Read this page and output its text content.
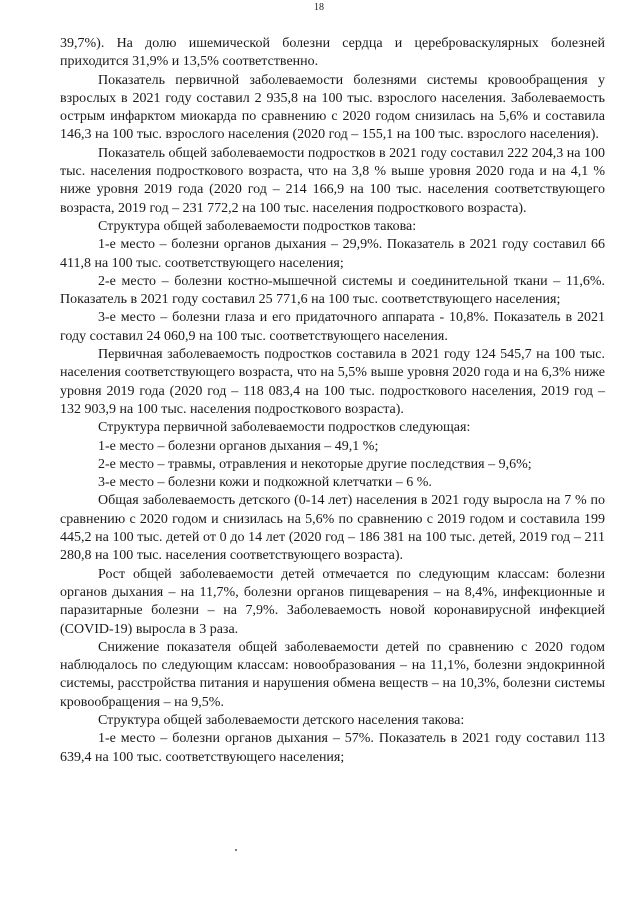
18

39,7%). На долю ишемической болезни сердца и цереброваскулярных болезней приходится 31,9% и 13,5% соответственно.

Показатель первичной заболеваемости болезнями системы кровообращения у взрослых в 2021 году составил 2 935,8 на 100 тыс. взрослого населения. Заболеваемость острым инфарктом миокарда по сравнению с 2020 годом снизилась на 5,6% и составила 146,3 на 100 тыс. взрослого населения (2020 год – 155,1 на 100 тыс. взрослого населения).

Показатель общей заболеваемости подростков в 2021 году составил 222 204,3 на 100 тыс. населения подросткового возраста, что на 3,8 % выше уровня 2020 года и на 4,1 % ниже уровня 2019 года (2020 год – 214 166,9 на 100 тыс. населения соответствующего возраста, 2019 год – 231 772,2 на 100 тыс. населения подросткового возраста).

Структура общей заболеваемости подростков такова:

1-е место – болезни органов дыхания – 29,9%. Показатель в 2021 году составил 66 411,8 на 100 тыс. соответствующего населения;

2-е место – болезни костно-мышечной системы и соединительной ткани – 11,6%. Показатель в 2021 году составил 25 771,6 на 100 тыс. соответствующего населения;

3-е место – болезни глаза и его придаточного аппарата - 10,8%. Показатель в 2021 году составил 24 060,9 на 100 тыс. соответствующего населения.

Первичная заболеваемость подростков составила в 2021 году 124 545,7 на 100 тыс. населения соответствующего возраста, что на 5,5% выше уровня 2020 года и на 6,3% ниже уровня 2019 года (2020 год – 118 083,4 на 100 тыс. подросткового населения, 2019 год – 132 903,9 на 100 тыс. населения подросткового возраста).

Структура первичной заболеваемости подростков следующая:

1-е место – болезни органов дыхания – 49,1 %;

2-е место – травмы, отравления и некоторые другие последствия – 9,6%;

3-е место – болезни кожи и подкожной клетчатки – 6 %.

Общая заболеваемость детского (0-14 лет) населения в 2021 году выросла на 7 % по сравнению с 2020 годом и снизилась на 5,6% по сравнению с 2019 годом и составила 199 445,2 на 100 тыс. детей от 0 до 14 лет (2020 год – 186 381 на 100 тыс. детей, 2019 год – 211 280,8 на 100 тыс. населения соответствующего возраста).

Рост общей заболеваемости детей отмечается по следующим классам: болезни органов дыхания – на 11,7%, болезни органов пищеварения – на 8,4%, инфекционные и паразитарные болезни – на 7,9%. Заболеваемость новой коронавирусной инфекцией (COVID-19) выросла в 3 раза.

Снижение показателя общей заболеваемости детей по сравнению с 2020 годом наблюдалось по следующим классам: новообразования – на 11,1%, болезни эндокринной системы, расстройства питания и нарушения обмена веществ – на 10,3%, болезни системы кровообращения – на 9,5%.

Структура общей заболеваемости детского населения такова:

1-е место – болезни органов дыхания – 57%. Показатель в 2021 году составил 113 639,4 на 100 тыс. соответствующего населения;
